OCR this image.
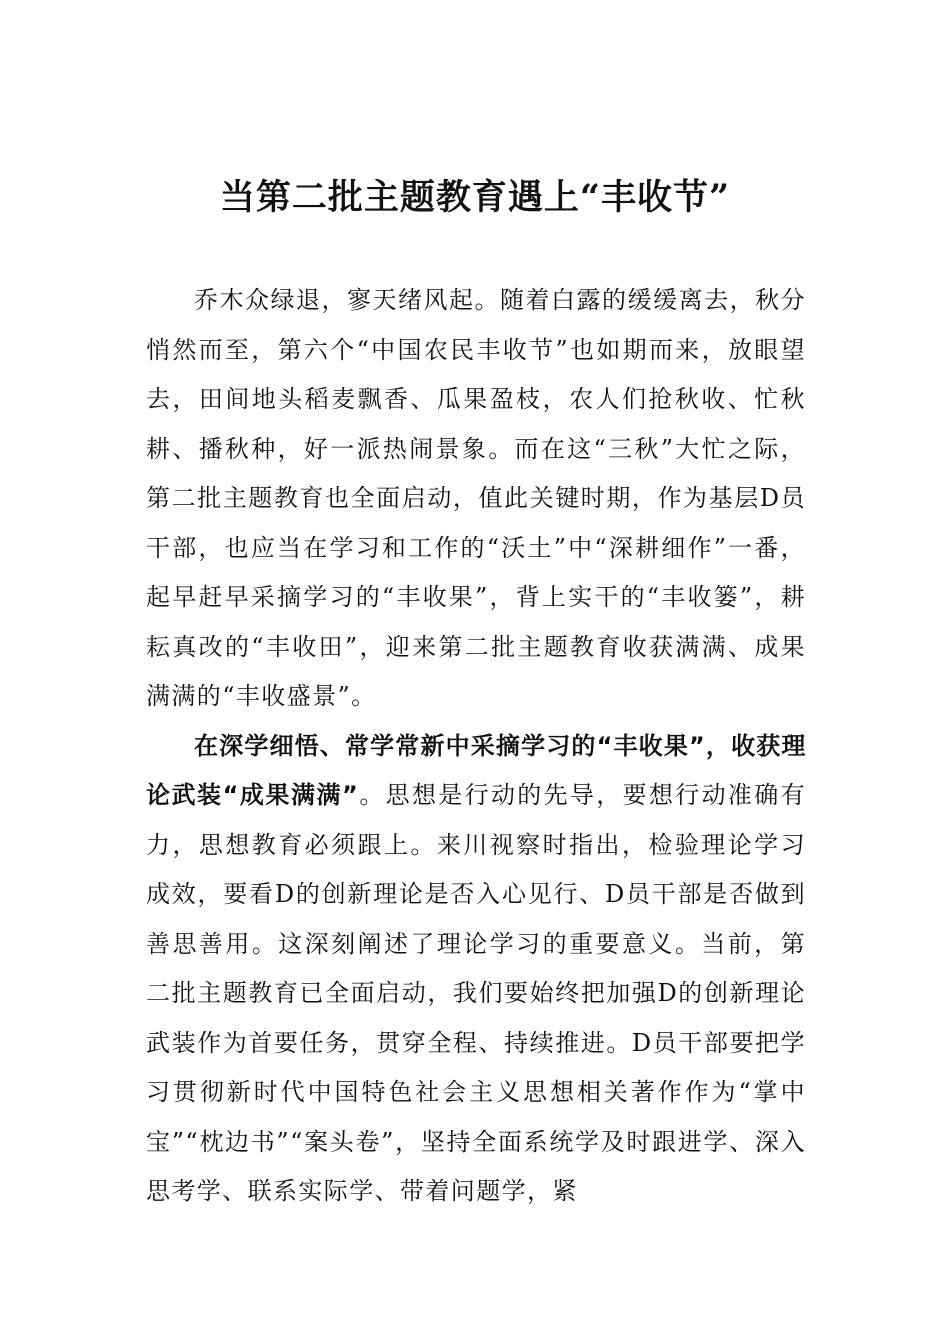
当第二批主题教育遇上“丰收节”

乔木众绿退，寥天绪风起。随着白露的缓缓离去，秋分悄然而至，第六个“中国农民丰收节”也如期而来，放眼望去，田间地头稻麦飘香、瓜果盈枝，农人们抢秋收、忙秋耕、播秋种，好一派热闹景象。而在这“三秋”大忙之际，第二批主题教育也全面启动，值此关键时期，作为基层D员干部，也应当在学习和工作的“沃土”中“深耕细作”一番，起早赶早采摘学习的“丰收果”，背上实干的“丰收篓”，耕耘真改的“丰收田”，迎来第二批主题教育收获满满、成果满满的“丰收盛景”。

在深学细悟、常学常新中采摘学习的“丰收果”，收获理论武装“成果满满”。思想是行动的先导，要想行动准确有力，思想教育必须跟上。来川视察时指出，检验理论学习成效，要看D的创新理论是否入心见行、D员干部是否做到善思善用。这深刻阐述了理论学习的重要意义。当前，第二批主题教育已全面启动，我们要始终把加强D的创新理论武装作为首要任务，贯穿全程、持续推进。D员干部要把学习贯彻新时代中国特色社会主义思想相关著作作为“掌中宝”“枕边书”“案头卷”，坚持全面系统学及时跟进学、深入思考学、联系实际学、带着问题学，紧
